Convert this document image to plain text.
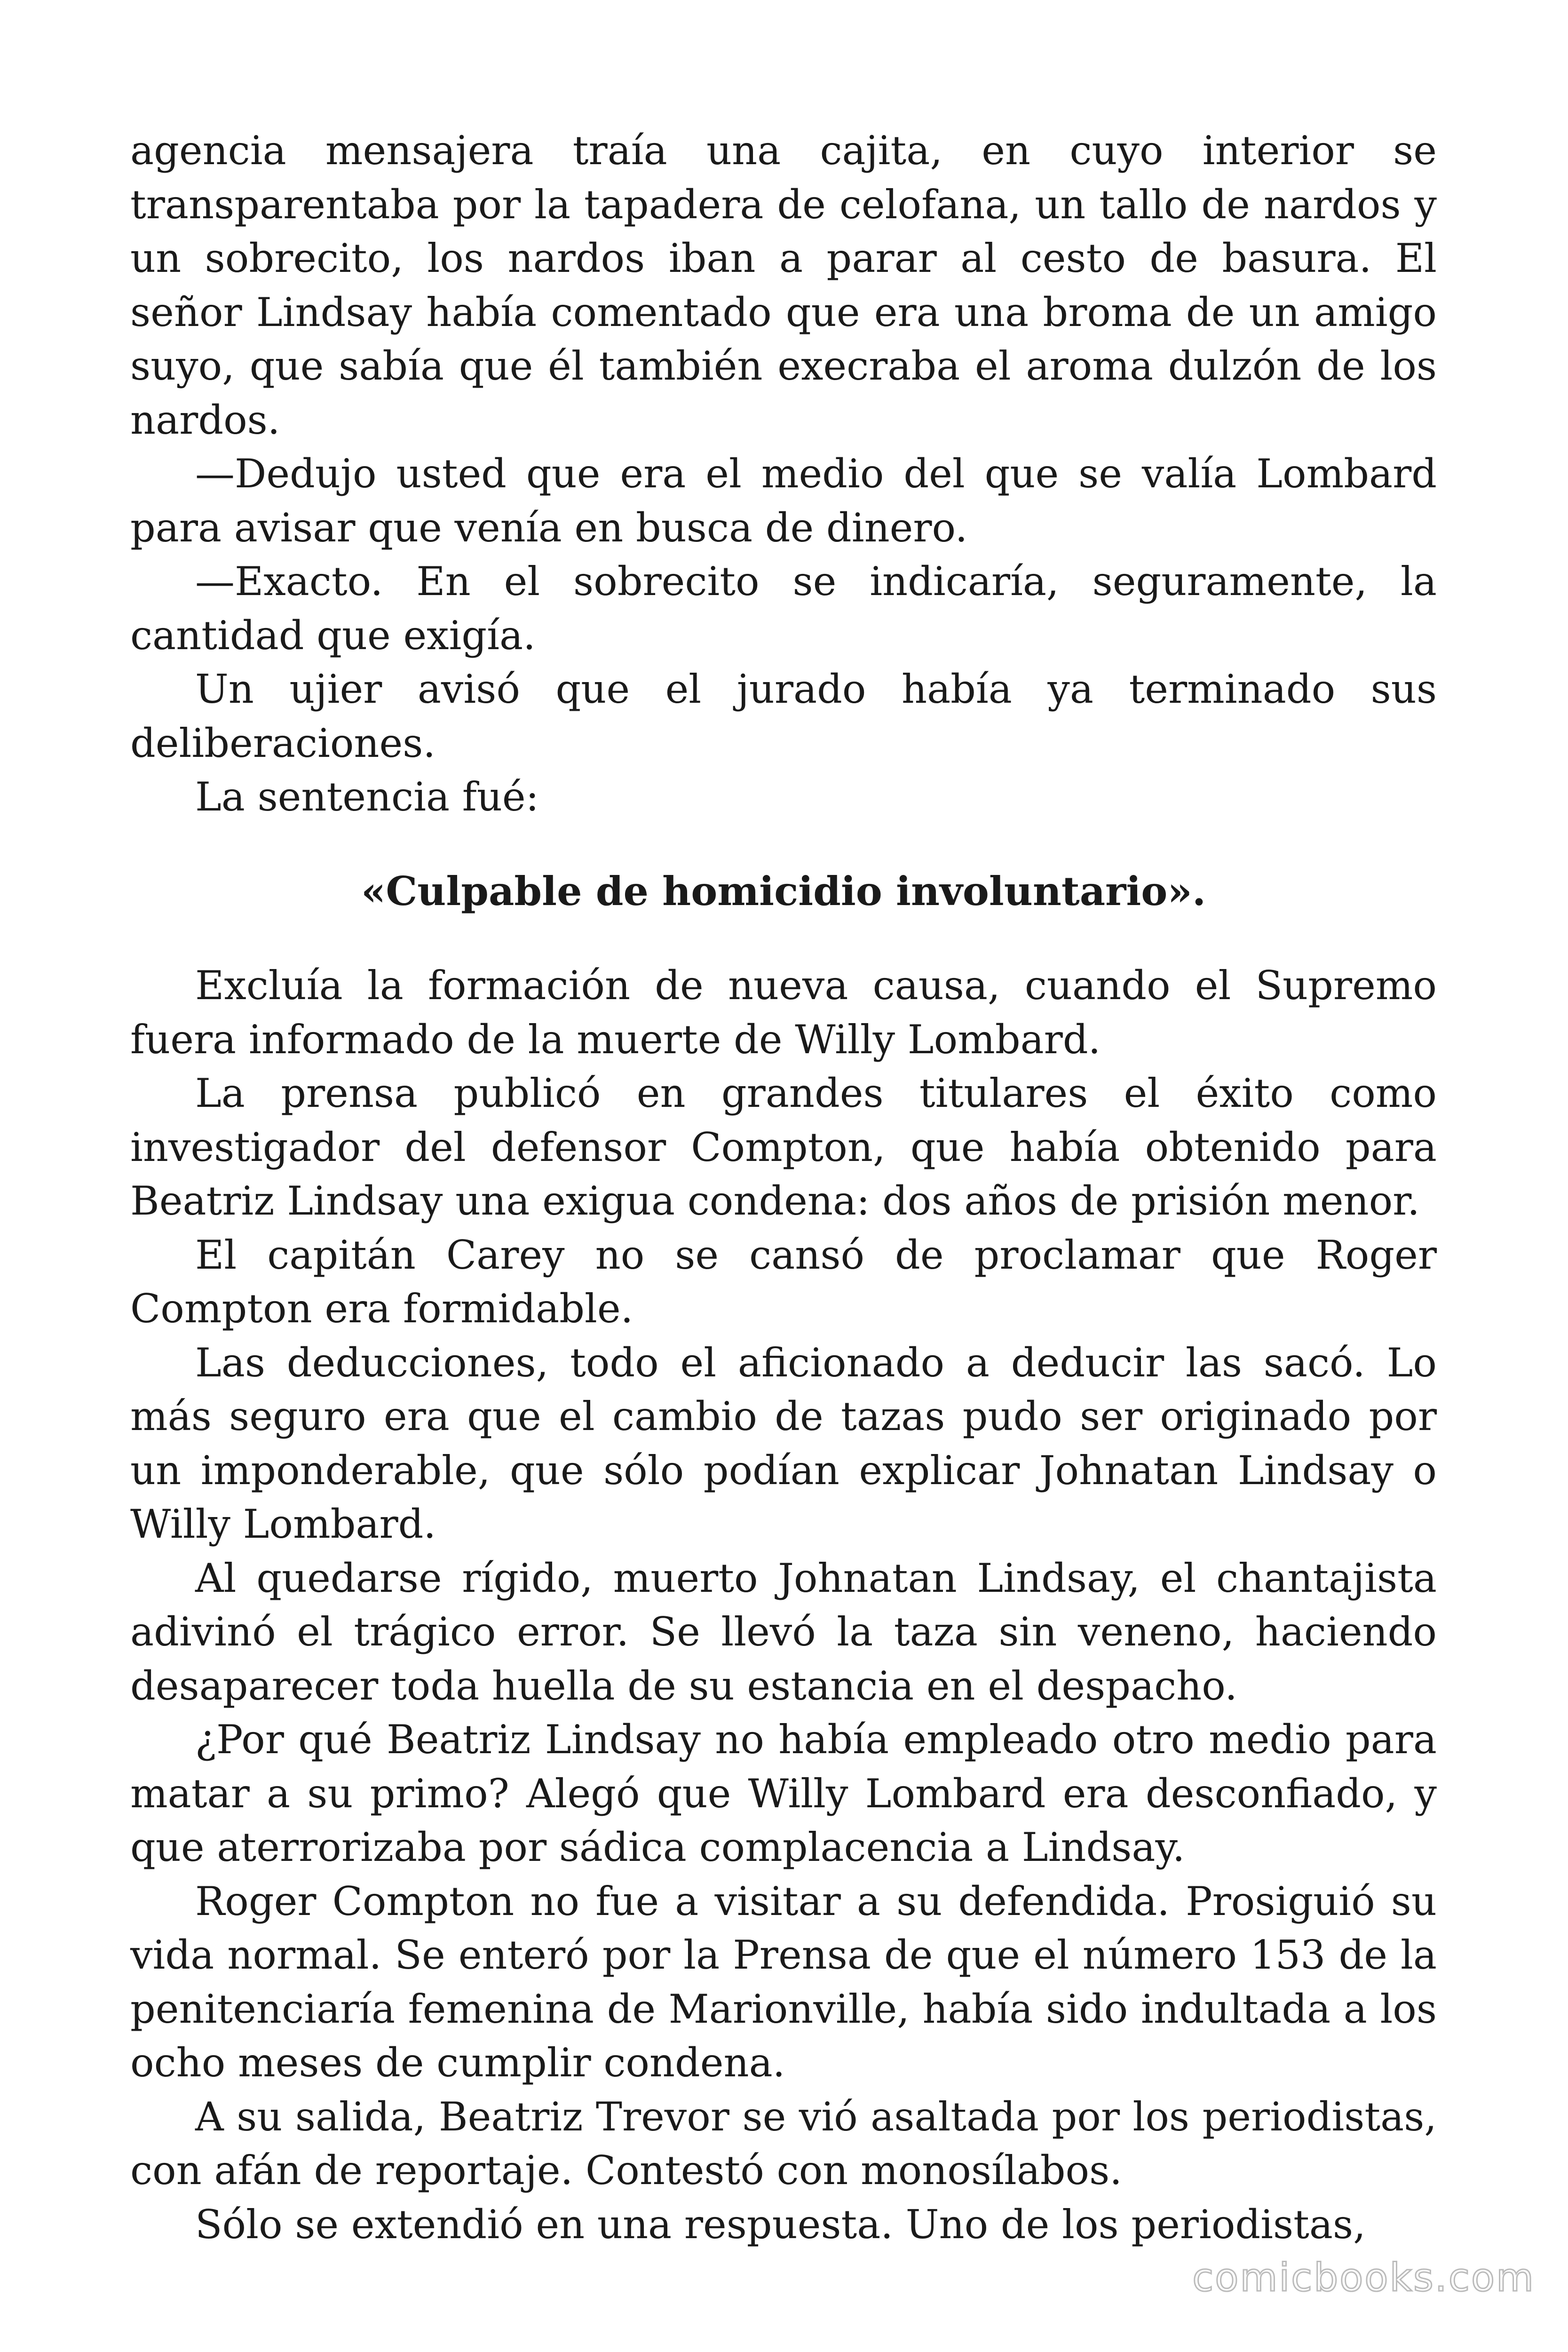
agencia mensajera traía una cajita, en cuyo interior se transparentaba por la tapadera de celofana, un tallo de nardos y un sobrecito, los nardos iban a parar al cesto de basura. El señor Lindsay había comentado que era una broma de un amigo suyo, que sabía que él también execraba el aroma dulzón de los nardos.

—Dedujo usted que era el medio del que se valía Lombard para avisar que venía en busca de dinero.

—Exacto. En el sobrecito se indicaría, seguramente, la cantidad que exigía.

Un ujier avisó que el jurado había ya terminado sus deliberaciones.

La sentencia fué:

«Culpable de homicidio involuntario».

Excluía la formación de nueva causa, cuando el Supremo fuera informado de la muerte de Willy Lombard.

La prensa publicó en grandes titulares el éxito como investigador del defensor Compton, que había obtenido para Beatriz Lindsay una exigua condena: dos años de prisión menor.

El capitán Carey no se cansó de proclamar que Roger Compton era formidable.

Las deducciones, todo el aficionado a deducir las sacó. Lo más seguro era que el cambio de tazas pudo ser originado por un imponderable, que sólo podían explicar Johnatan Lindsay o Willy Lombard.

Al quedarse rígido, muerto Johnatan Lindsay, el chantajista adivinó el trágico error. Se llevó la taza sin veneno, haciendo desaparecer toda huella de su estancia en el despacho.

¿Por qué Beatriz Lindsay no había empleado otro medio para matar a su primo? Alegó que Willy Lombard era desconfiado, y que aterrorizaba por sádica complacencia a Lindsay.

Roger Compton no fue a visitar a su defendida. Prosiguió su vida normal. Se enteró por la Prensa de que el número 153 de la penitenciaría femenina de Marionville, había sido indultada a los ocho meses de cumplir condena.

A su salida, Beatriz Trevor se vió asaltada por los periodistas, con afán de reportaje. Contestó con monosílabos.

Sólo se extendió en una respuesta. Uno de los periodistas,

comicbooks.com
